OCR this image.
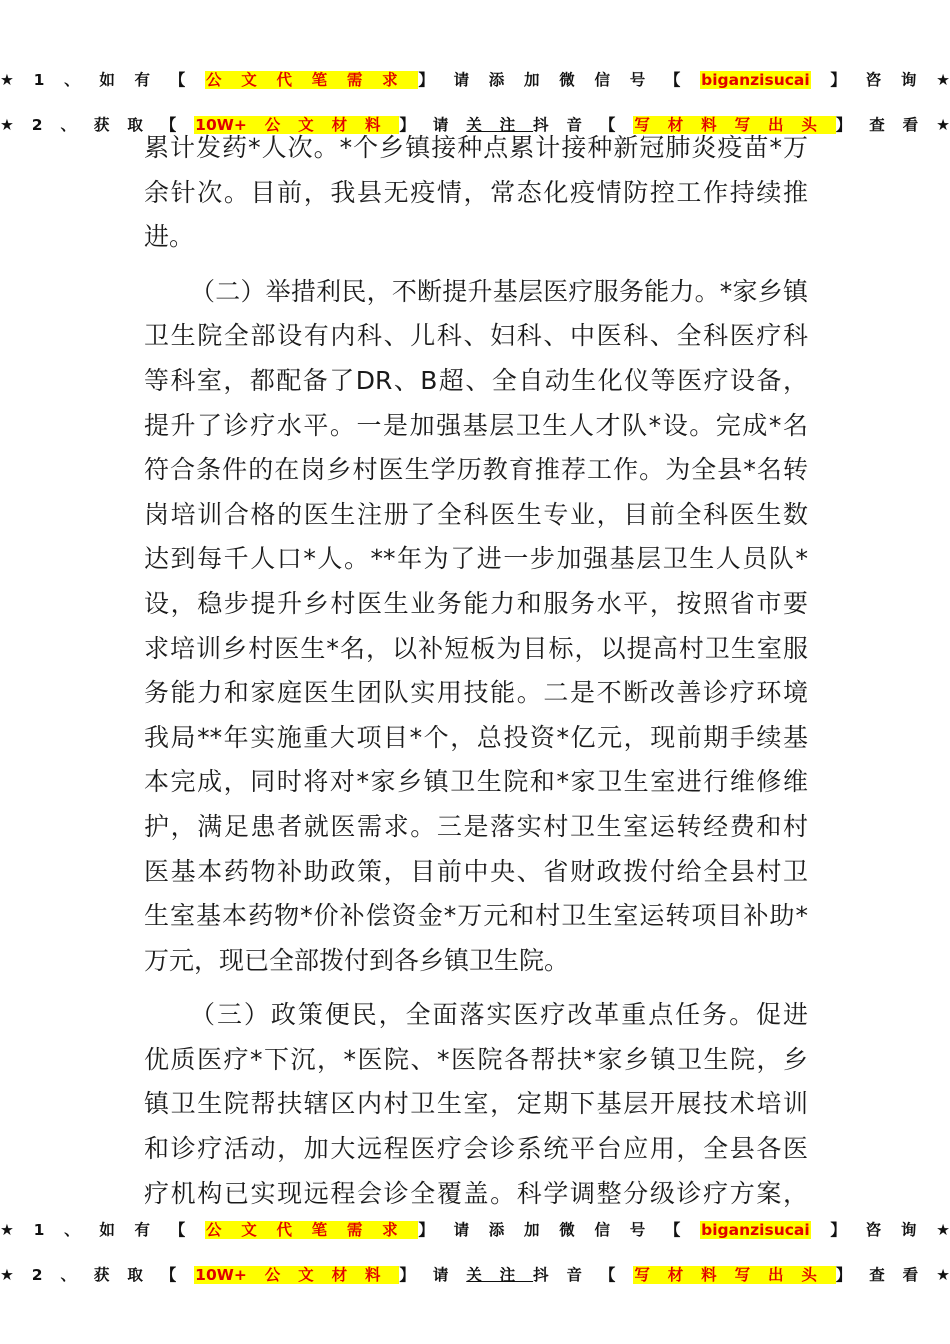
★1、如有【公文代笔需求】请添加微信号【biganzisucai】咨询★
★2、获取【10W+公文材料】请关注抖音【写材料写出头】查看★
累计发药*人次。*个乡镇接种点累计接种新冠肺炎疫苗*万
余针次。目前，我县无疫情，常态化疫情防控工作持续推
进。
（二）举措利民，不断提升基层医疗服务能力。*家乡镇
卫生院全部设有内科、儿科、妇科、中医科、全科医疗科
等科室，都配备了DR、B超、全自动生化仪等医疗设备，
提升了诊疗水平。一是加强基层卫生人才队*设。完成*名
符合条件的在岗乡村医生学历教育推荐工作。为全县*名转
岗培训合格的医生注册了全科医生专业，目前全科医生数
达到每千人口*人。**年为了进一步加强基层卫生人员队*
设，稳步提升乡村医生业务能力和服务水平，按照省市要
求培训乡村医生*名，以补短板为目标，以提高村卫生室服
务能力和家庭医生团队实用技能。二是不断改善诊疗环境
我局**年实施重大项目*个，总投资*亿元，现前期手续基
本完成，同时将对*家乡镇卫生院和*家卫生室进行维修维
护，满足患者就医需求。三是落实村卫生室运转经费和村
医基本药物补助政策，目前中央、省财政拨付给全县村卫
生室基本药物*价补偿资金*万元和村卫生室运转项目补助*
万元，现已全部拨付到各乡镇卫生院。
（三）政策便民，全面落实医疗改革重点任务。促进
优质医疗*下沉，*医院、*医院各帮扶*家乡镇卫生院，乡
镇卫生院帮扶辖区内村卫生室，定期下基层开展技术培训
和诊疗活动，加大远程医疗会诊系统平台应用，全县各医
疗机构已实现远程会诊全覆盖。科学调整分级诊疗方案，
★1、如有【公文代笔需求】请添加微信号【biganzisucai】咨询★
★2、获取【10W+公文材料】请关注抖音【写材料写出头】查看★
